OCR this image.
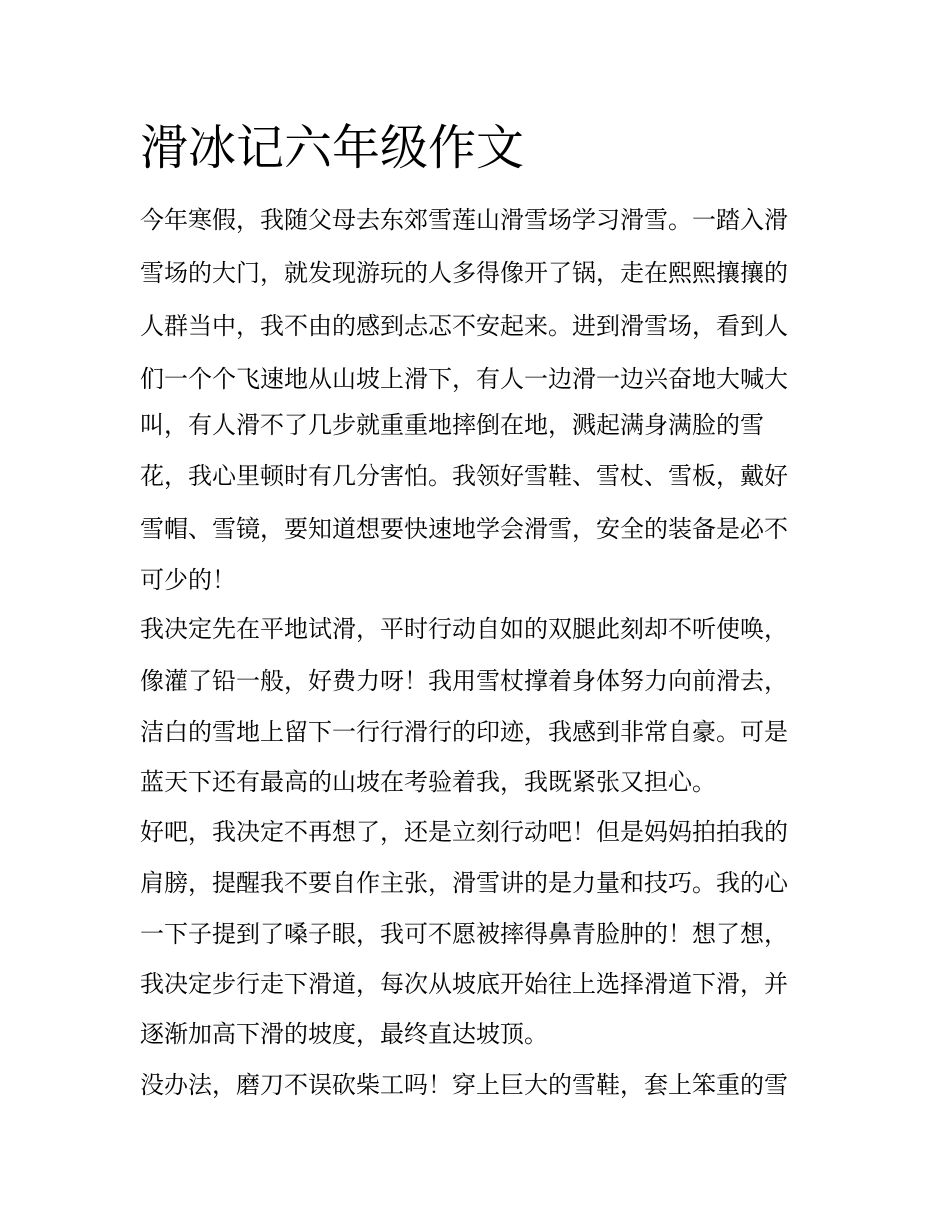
滑冰记六年级作文

今年寒假，我随父母去东郊雪莲山滑雪场学习滑雪。一踏入滑

雪场的大门，就发现游玩的人多得像开了锅，走在熙熙攘攘的

人群当中，我不由的感到忐忑不安起来。进到滑雪场，看到人

们一个个飞速地从山坡上滑下，有人一边滑一边兴奋地大喊大

叫，有人滑不了几步就重重地摔倒在地，溅起满身满脸的雪

花，我心里顿时有几分害怕。我领好雪鞋、雪杖、雪板，戴好

雪帽、雪镜，要知道想要快速地学会滑雪，安全的装备是必不

可少的！

我决定先在平地试滑，平时行动自如的双腿此刻却不听使唤，

像灌了铅一般，好费力呀！我用雪杖撑着身体努力向前滑去，

洁白的雪地上留下一行行滑行的印迹，我感到非常自豪。可是

蓝天下还有最高的山坡在考验着我，我既紧张又担心。

好吧，我决定不再想了，还是立刻行动吧！但是妈妈拍拍我的

肩膀，提醒我不要自作主张，滑雪讲的是力量和技巧。我的心

一下子提到了嗓子眼，我可不愿被摔得鼻青脸肿的！想了想，

我决定步行走下滑道，每次从坡底开始往上选择滑道下滑，并

逐渐加高下滑的坡度，最终直达坡顶。

没办法，磨刀不误砍柴工吗！穿上巨大的雪鞋，套上笨重的雪
